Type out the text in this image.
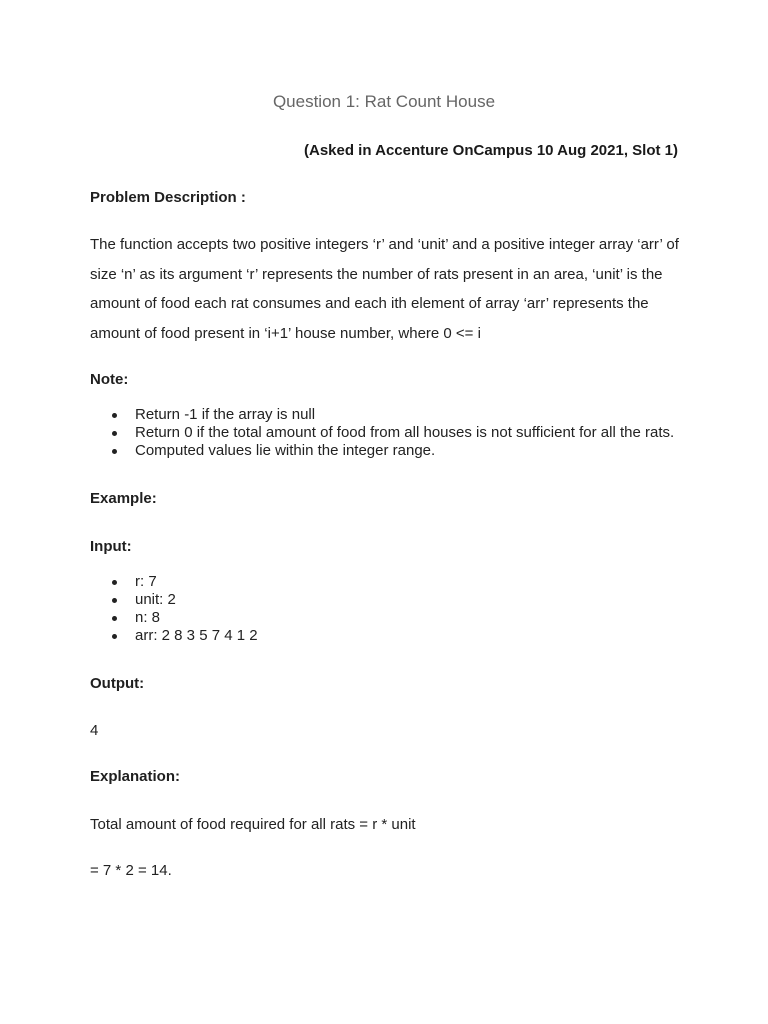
Question 1: Rat Count House
(Asked in Accenture OnCampus 10 Aug 2021, Slot 1)
Problem Description :

The function accepts two positive integers ‘r’ and ‘unit’ and a positive integer array ‘arr’ of size ‘n’ as its argument ‘r’ represents the number of rats present in an area, ‘unit’ is the amount of food each rat consumes and each ith element of array ‘arr’ represents the amount of food present in ‘i+1’ house number, where 0 <= i

Note:
Return -1 if the array is null
Return 0 if the total amount of food from all houses is not sufficient for all the rats.
Computed values lie within the integer range.
Example:
Input:
r: 7
unit: 2
n: 8
arr: 2 8 3 5 7 4 1 2
Output:
4
Explanation:
Total amount of food required for all rats = r * unit
= 7 * 2 = 14.
